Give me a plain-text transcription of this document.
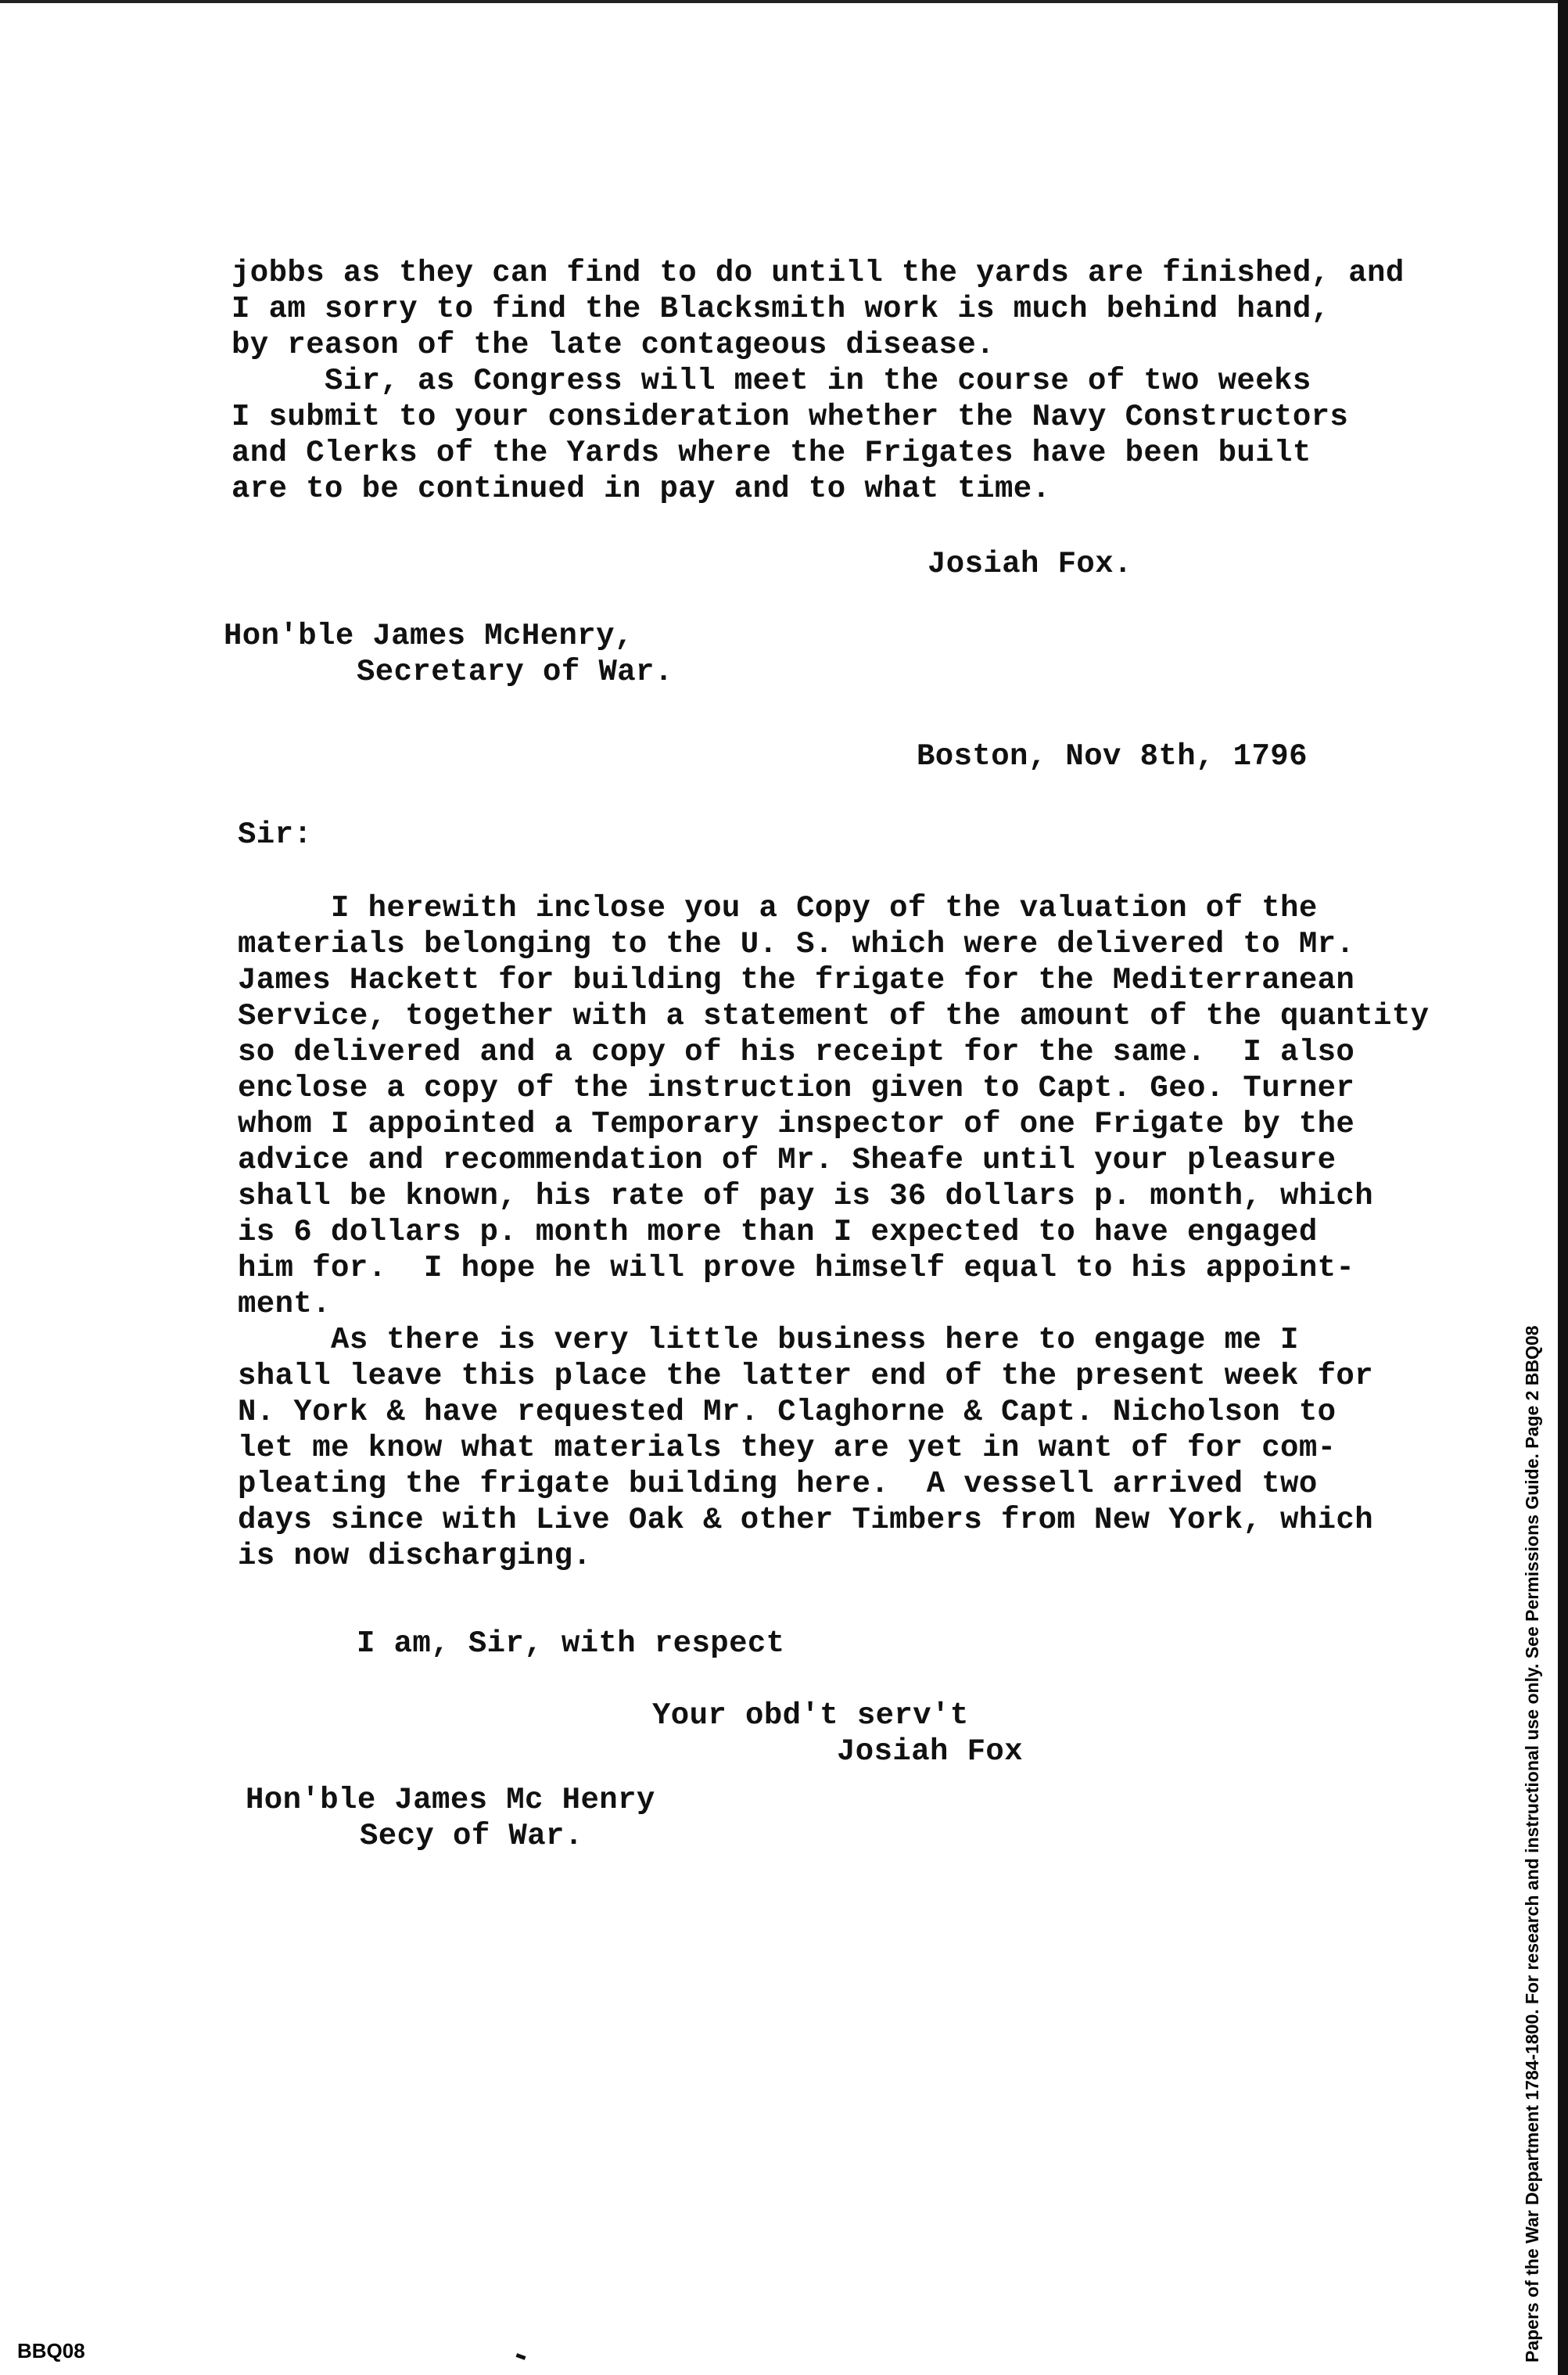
jobbs as they can find to do untill the yards are finished, and
I am sorry to find the Blacksmith work is much behind hand,
by reason of the late contageous disease.
Sir, as Congress will meet in the course of two weeks
I submit to your consideration whether the Navy Constructors
and Clerks of the Yards where the Frigates have been built
are to be continued in pay and to what time.
Josiah Fox.
Hon'ble James McHenry,
Secretary of War.
Boston, Nov 8th, 1796
Sir:
I herewith inclose you a Copy of the valuation of the
materials belonging to the U. S. which were delivered to Mr.
James Hackett for building the frigate for the Mediterranean
Service, together with a statement of the amount of the quantity
so delivered and a copy of his receipt for the same.  I also
enclose a copy of the instruction given to Capt. Geo. Turner
whom I appointed a Temporary inspector of one Frigate by the
advice and recommendation of Mr. Sheafe until your pleasure
shall be known, his rate of pay is 36 dollars p. month, which
is 6 dollars p. month more than I expected to have engaged
him for.  I hope he will prove himself equal to his appoint-
ment.
As there is very little business here to engage me I
shall leave this place the latter end of the present week for
N. York & have requested Mr. Claghorne & Capt. Nicholson to
let me know what materials they are yet in want of for com-
pleating the frigate building here.  A vessell arrived two
days since with Live Oak & other Timbers from New York, which
is now discharging.
I am, Sir, with respect
Your obd't serv't
Josiah Fox
Hon'ble James Mc Henry
Secy of War.
BBQ08	Papers of the War Department 1784-1800. For research and instructional use only. See Permissions Guide. Page 2 BBQ08
